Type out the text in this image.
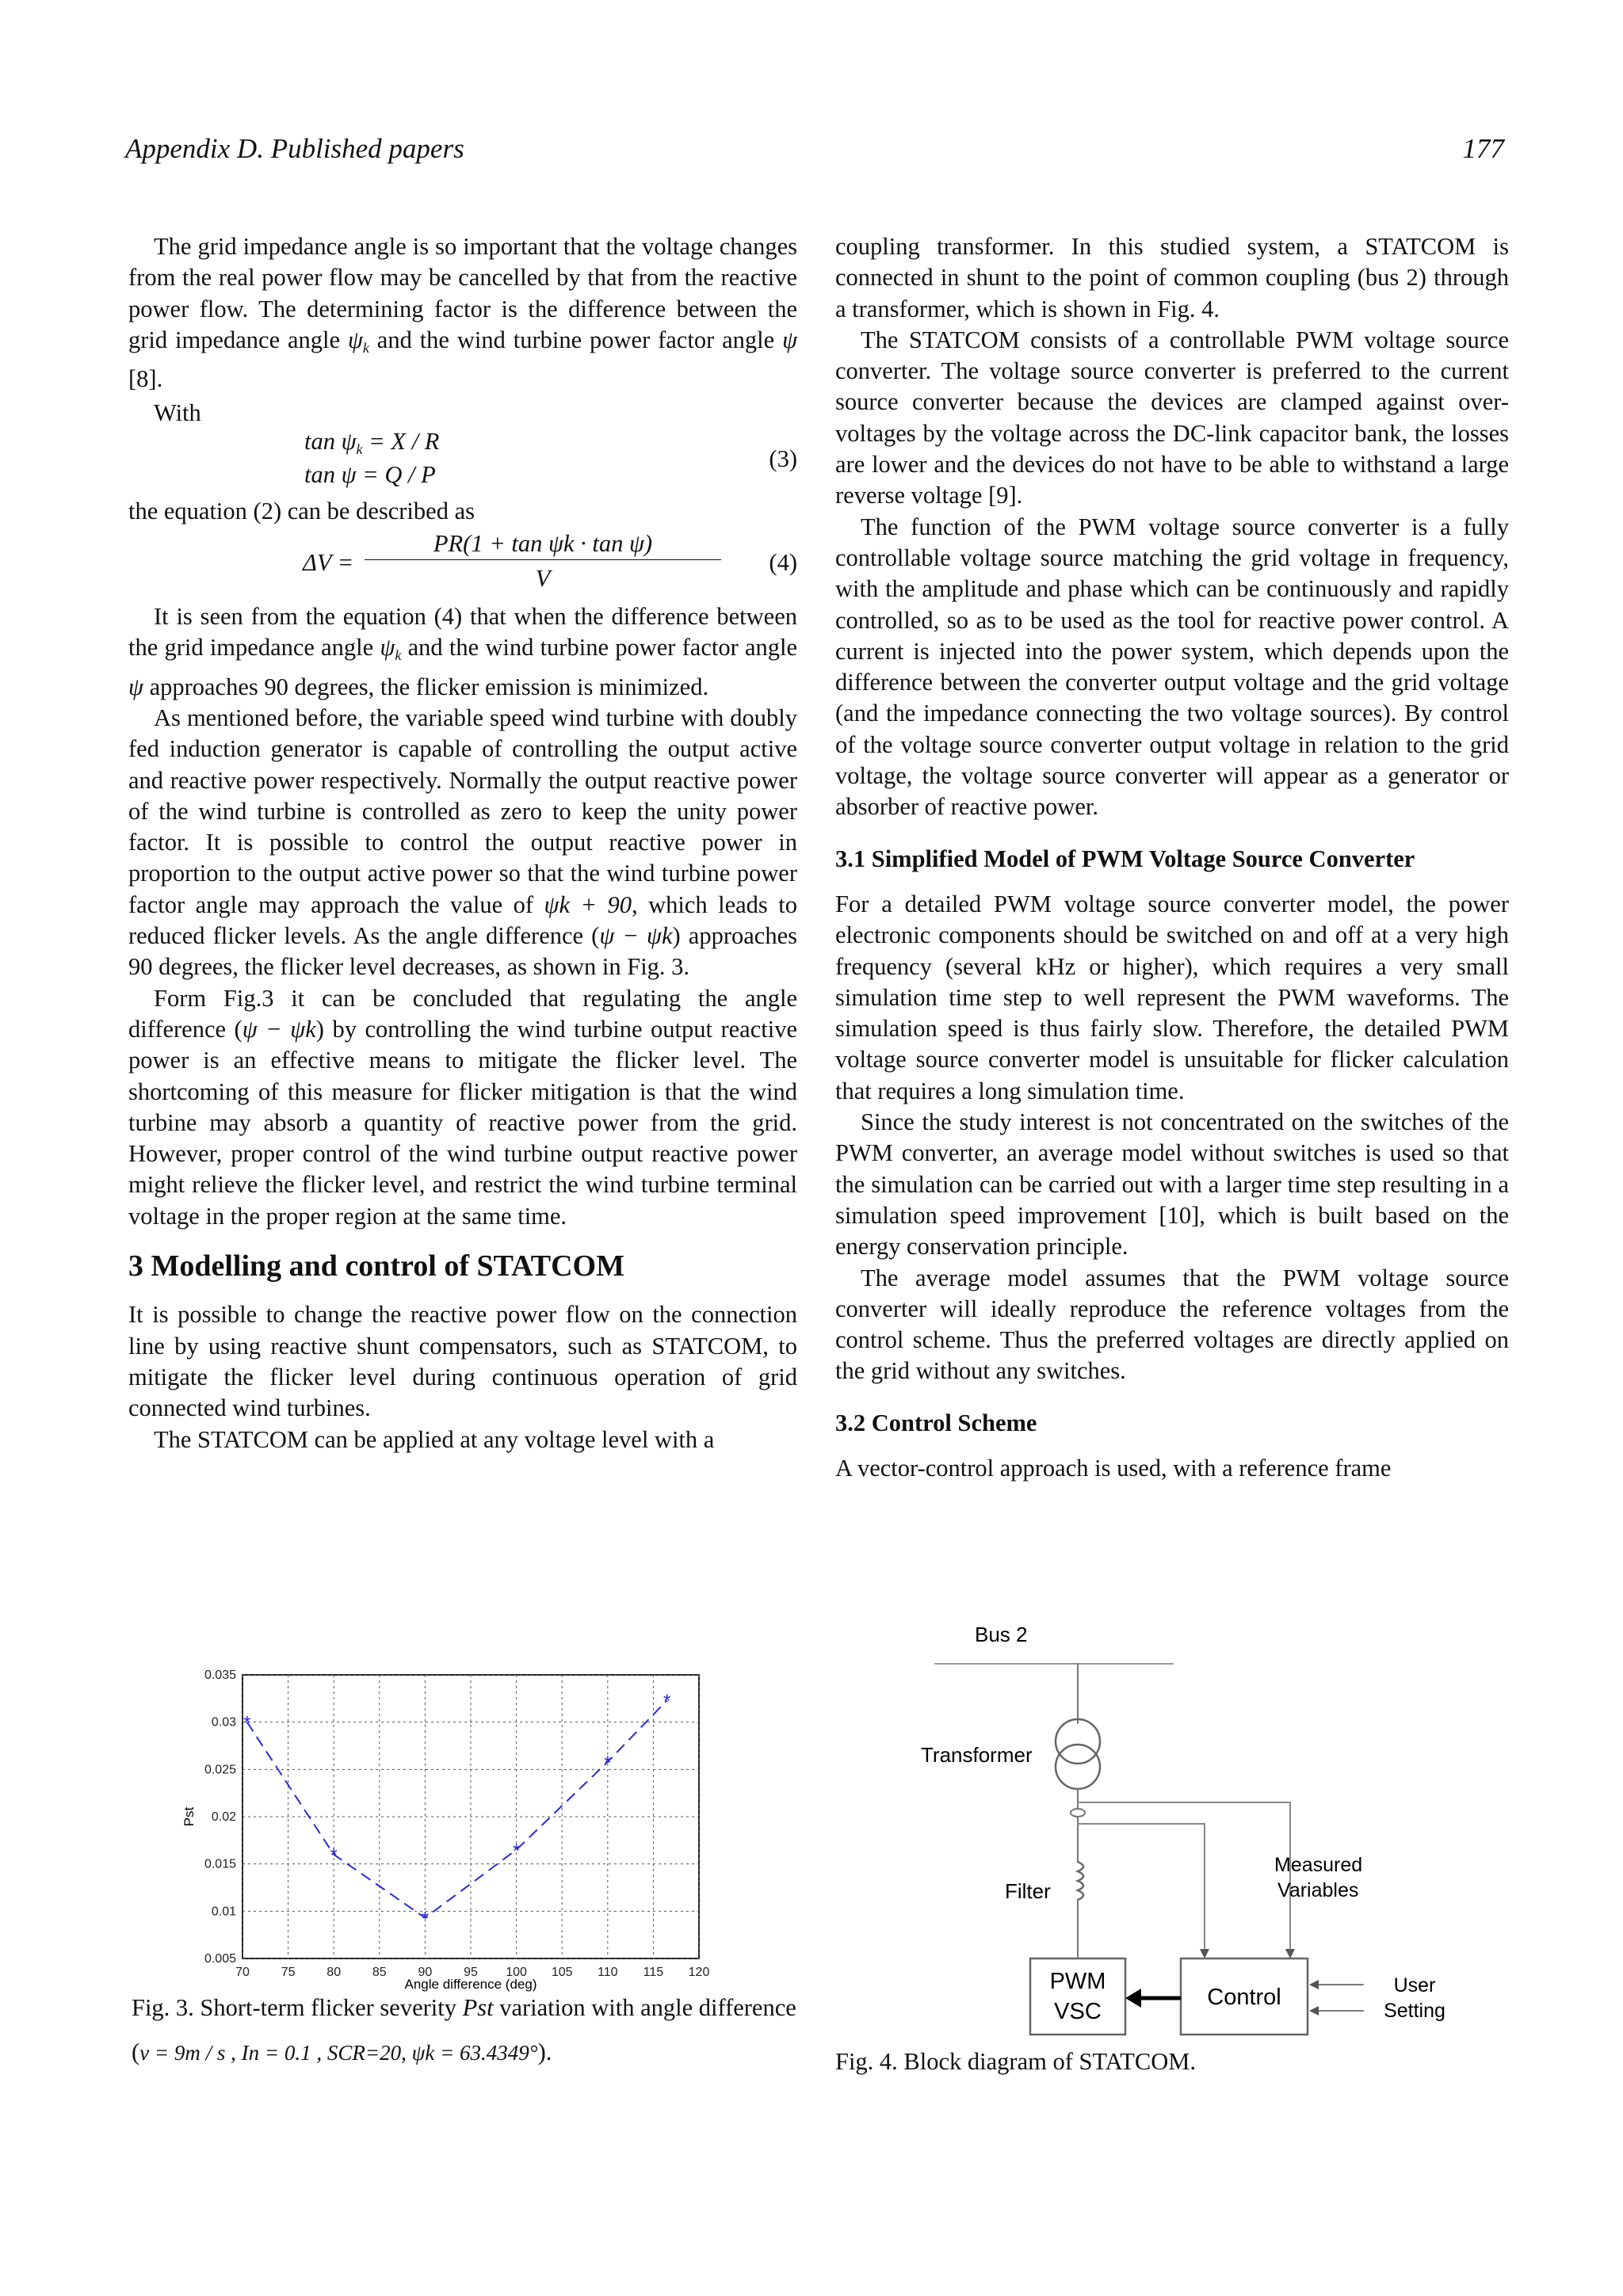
Appendix D. Published papers	177

The grid impedance angle is so important that the voltage changes from the real power flow may be cancelled by that from the reactive power flow. The determining factor is the difference between the grid impedance angle $\psi_k$ and the wind turbine power factor angle ψ [8].

With

$\tan \psi_k = X / R$
tan ψ = Q / P
(3)

the equation (2) can be described as

ΔV =
PR(1 + tan ψk · tan ψ)
V
(4)

It is seen from the equation (4) that when the difference between the grid impedance angle $\psi_k$ and the wind turbine power factor angle ψ approaches 90 degrees, the flicker emission is minimized.

As mentioned before, the variable speed wind turbine with doubly fed induction generator is capable of controlling the output active and reactive power respectively. Normally the output reactive power of the wind turbine is controlled as zero to keep the unity power factor. It is possible to control the output reactive power in proportion to the output active power so that the wind turbine power factor angle may approach the value of ψk + 90, which leads to reduced flicker levels. As the angle difference (ψ − ψk) approaches 90 degrees, the flicker level decreases, as shown in Fig. 3.

Form Fig.3 it can be concluded that regulating the angle difference (ψ − ψk) by controlling the wind turbine output reactive power is an effective means to mitigate the flicker level. The shortcoming of this measure for flicker mitigation is that the wind turbine may absorb a quantity of reactive power from the grid. However, proper control of the wind turbine output reactive power might relieve the flicker level, and restrict the wind turbine terminal voltage in the proper region at the same time.

3 Modelling and control of STATCOM

It is possible to change the reactive power flow on the connection line by using reactive shunt compensators, such as STATCOM, to mitigate the flicker level during continuous operation of grid connected wind turbines.

The STATCOM can be applied at any voltage level with a

70 75 80 85 90 95 100 105 110 115 120
0.005
0.01
0.015
0.02
0.025
0.03
0.035
*
*
*
*
*
*
Angle difference (deg)
Pst
Fig. 3. Short-term flicker severity Pst variation with angle difference (v = 9m / s , In = 0.1 , SCR=20, ψk = 63.4349°).

coupling transformer. In this studied system, a STATCOM is connected in shunt to the point of common coupling (bus 2) through a transformer, which is shown in Fig. 4.

The STATCOM consists of a controllable PWM voltage source converter. The voltage source converter is preferred to the current source converter because the devices are clamped against over-voltages by the voltage across the DC-link capacitor bank, the losses are lower and the devices do not have to be able to withstand a large reverse voltage [9].

The function of the PWM voltage source converter is a fully controllable voltage source matching the grid voltage in frequency, with the amplitude and phase which can be continuously and rapidly controlled, so as to be used as the tool for reactive power control. A current is injected into the power system, which depends upon the difference between the converter output voltage and the grid voltage (and the impedance connecting the two voltage sources). By control of the voltage source converter output voltage in relation to the grid voltage, the voltage source converter will appear as a generator or absorber of reactive power.

3.1 Simplified Model of PWM Voltage Source Converter

For a detailed PWM voltage source converter model, the power electronic components should be switched on and off at a very high frequency (several kHz or higher), which requires a very small simulation time step to well represent the PWM waveforms. The simulation speed is thus fairly slow. Therefore, the detailed PWM voltage source converter model is unsuitable for flicker calculation that requires a long simulation time.

Since the study interest is not concentrated on the switches of the PWM converter, an average model without switches is used so that the simulation can be carried out with a larger time step resulting in a simulation speed improvement [10], which is built based on the energy conservation principle.

The average model assumes that the PWM voltage source converter will ideally reproduce the reference voltages from the control scheme. Thus the preferred voltages are directly applied on the grid without any switches.

3.2 Control Scheme

A vector-control approach is used, with a reference frame

Bus 2
Transformer
Filter
Measured
Variables
PWM
VSC
Control	User
Setting
Fig. 4. Block diagram of STATCOM.
